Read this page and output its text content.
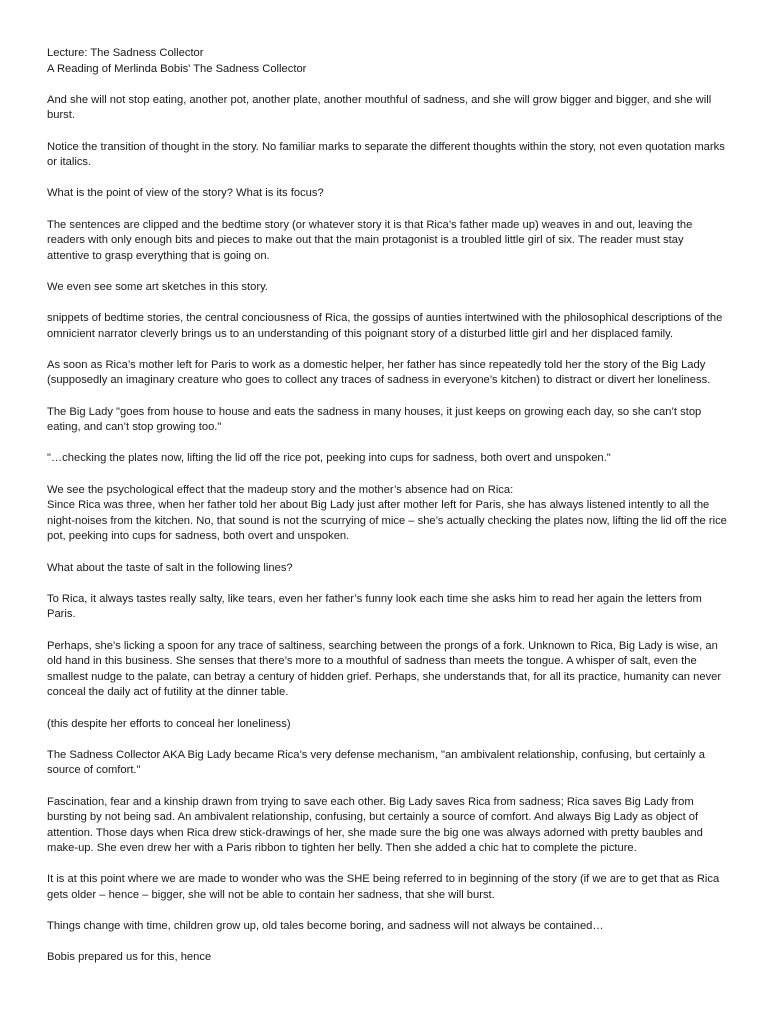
Lecture: The Sadness Collector
A Reading of Merlinda Bobis' The Sadness Collector

And she will not stop eating, another pot, another plate, another mouthful of sadness, and she will grow bigger and bigger, and she will burst.

Notice the transition of thought in the story. No familiar marks to separate the different thoughts within the story, not even quotation marks or italics.

What is the point of view of the story? What is its focus?

The sentences are clipped and the bedtime story (or whatever story it is that Rica’s father made up) weaves in and out, leaving the readers with only enough bits and pieces to make out that the main protagonist is a troubled little girl of six. The reader must stay attentive to grasp everything that is going on.

We even see some art sketches in this story.

snippets of bedtime stories, the central conciousness of Rica, the gossips of aunties intertwined with the philosophical descriptions of the omnicient narrator cleverly brings us to an understanding of this poignant story of a disturbed little girl and her displaced family.

As soon as Rica’s mother left for Paris to work as a domestic helper, her father has since repeatedly told her the story of the Big Lady (supposedly an imaginary creature who goes to collect any traces of sadness in everyone’s kitchen) to distract or divert her loneliness.

The Big Lady "goes from house to house and eats the sadness in many houses, it just keeps on growing each day, so she can’t stop eating, and can’t stop growing too."

"…checking the plates now, lifting the lid off the rice pot, peeking into cups for sadness, both overt and unspoken."

We see the psychological effect that the madeup story and the mother’s absence had on Rica:
Since Rica was three, when her father told her about Big Lady just after mother left for Paris, she has always listened intently to all the night-noises from the kitchen. No, that sound is not the scurrying of mice – she’s actually checking the plates now, lifting the lid off the rice pot, peeking into cups for sadness, both overt and unspoken.

What about the taste of salt in the following lines?

To Rica, it always tastes really salty, like tears, even her father’s funny look each time she asks him to read her again the letters from Paris.

Perhaps, she’s licking a spoon for any trace of saltiness, searching between the prongs of a fork. Unknown to Rica, Big Lady is wise, an old hand in this business. She senses that there’s more to a mouthful of sadness than meets the tongue. A whisper of salt, even the smallest nudge to the palate, can betray a century of hidden grief. Perhaps, she understands that, for all its practice, humanity can never conceal the daily act of futility at the dinner table.

(this despite her efforts to conceal her loneliness)

The Sadness Collector AKA Big Lady became Rica’s very defense mechanism, "an ambivalent relationship, confusing, but certainly a source of comfort."

Fascination, fear and a kinship drawn from trying to save each other. Big Lady saves Rica from sadness; Rica saves Big Lady from bursting by not being sad. An ambivalent relationship, confusing, but certainly a source of comfort. And always Big Lady as object of attention. Those days when Rica drew stick-drawings of her, she made sure the big one was always adorned with pretty baubles and make-up. She even drew her with a Paris ribbon to tighten her belly. Then she added a chic hat to complete the picture.

It is at this point where we are made to wonder who was the SHE being referred to in beginning of the story (if we are to get that as Rica gets older – hence – bigger, she will not be able to contain her sadness, that she will burst.

Things change with time, children grow up, old tales become boring, and sadness will not always be contained…

Bobis prepared us for this, hence
